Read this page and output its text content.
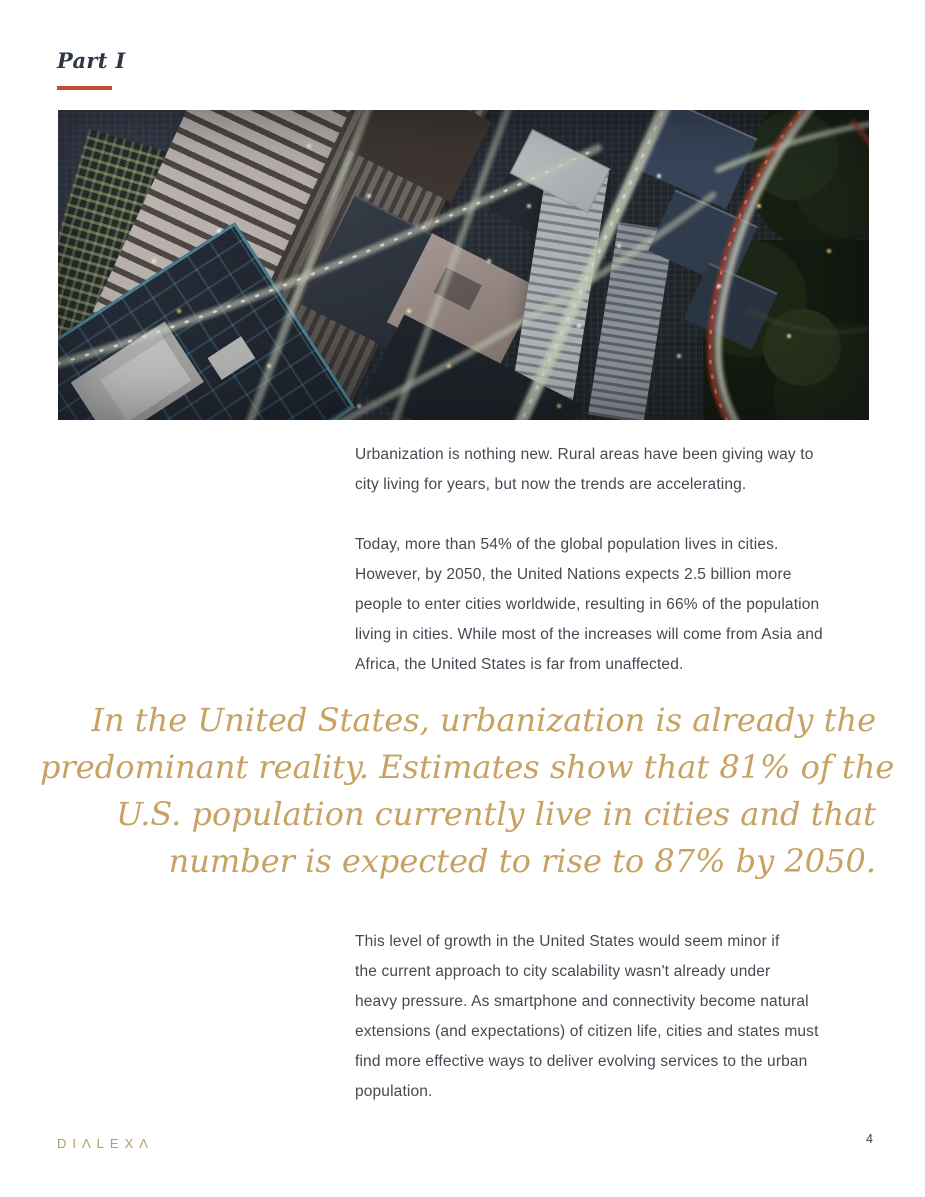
Part I
Urbanization is nothing new. Rural areas have been giving way to
city living for years, but now the trends are accelerating.
Today, more than 54% of the global population lives in cities.
However, by 2050, the United Nations expects 2.5 billion more
people to enter cities worldwide, resulting in 66% of the population
living in cities. While most of the increases will come from Asia and
Africa, the United States is far from unaffected.
In the United States, urbanization is already the
predominant reality. Estimates show that 81% of the
U.S. population currently live in cities and that
number is expected to rise to 87% by 2050.
This level of growth in the United States would seem minor if
the current approach to city scalability wasn't already under
heavy pressure. As smartphone and connectivity become natural
extensions (and expectations) of citizen life, cities and states must
find more effective ways to deliver evolving services to the urban
population.
DIΛLEXΛ	4
